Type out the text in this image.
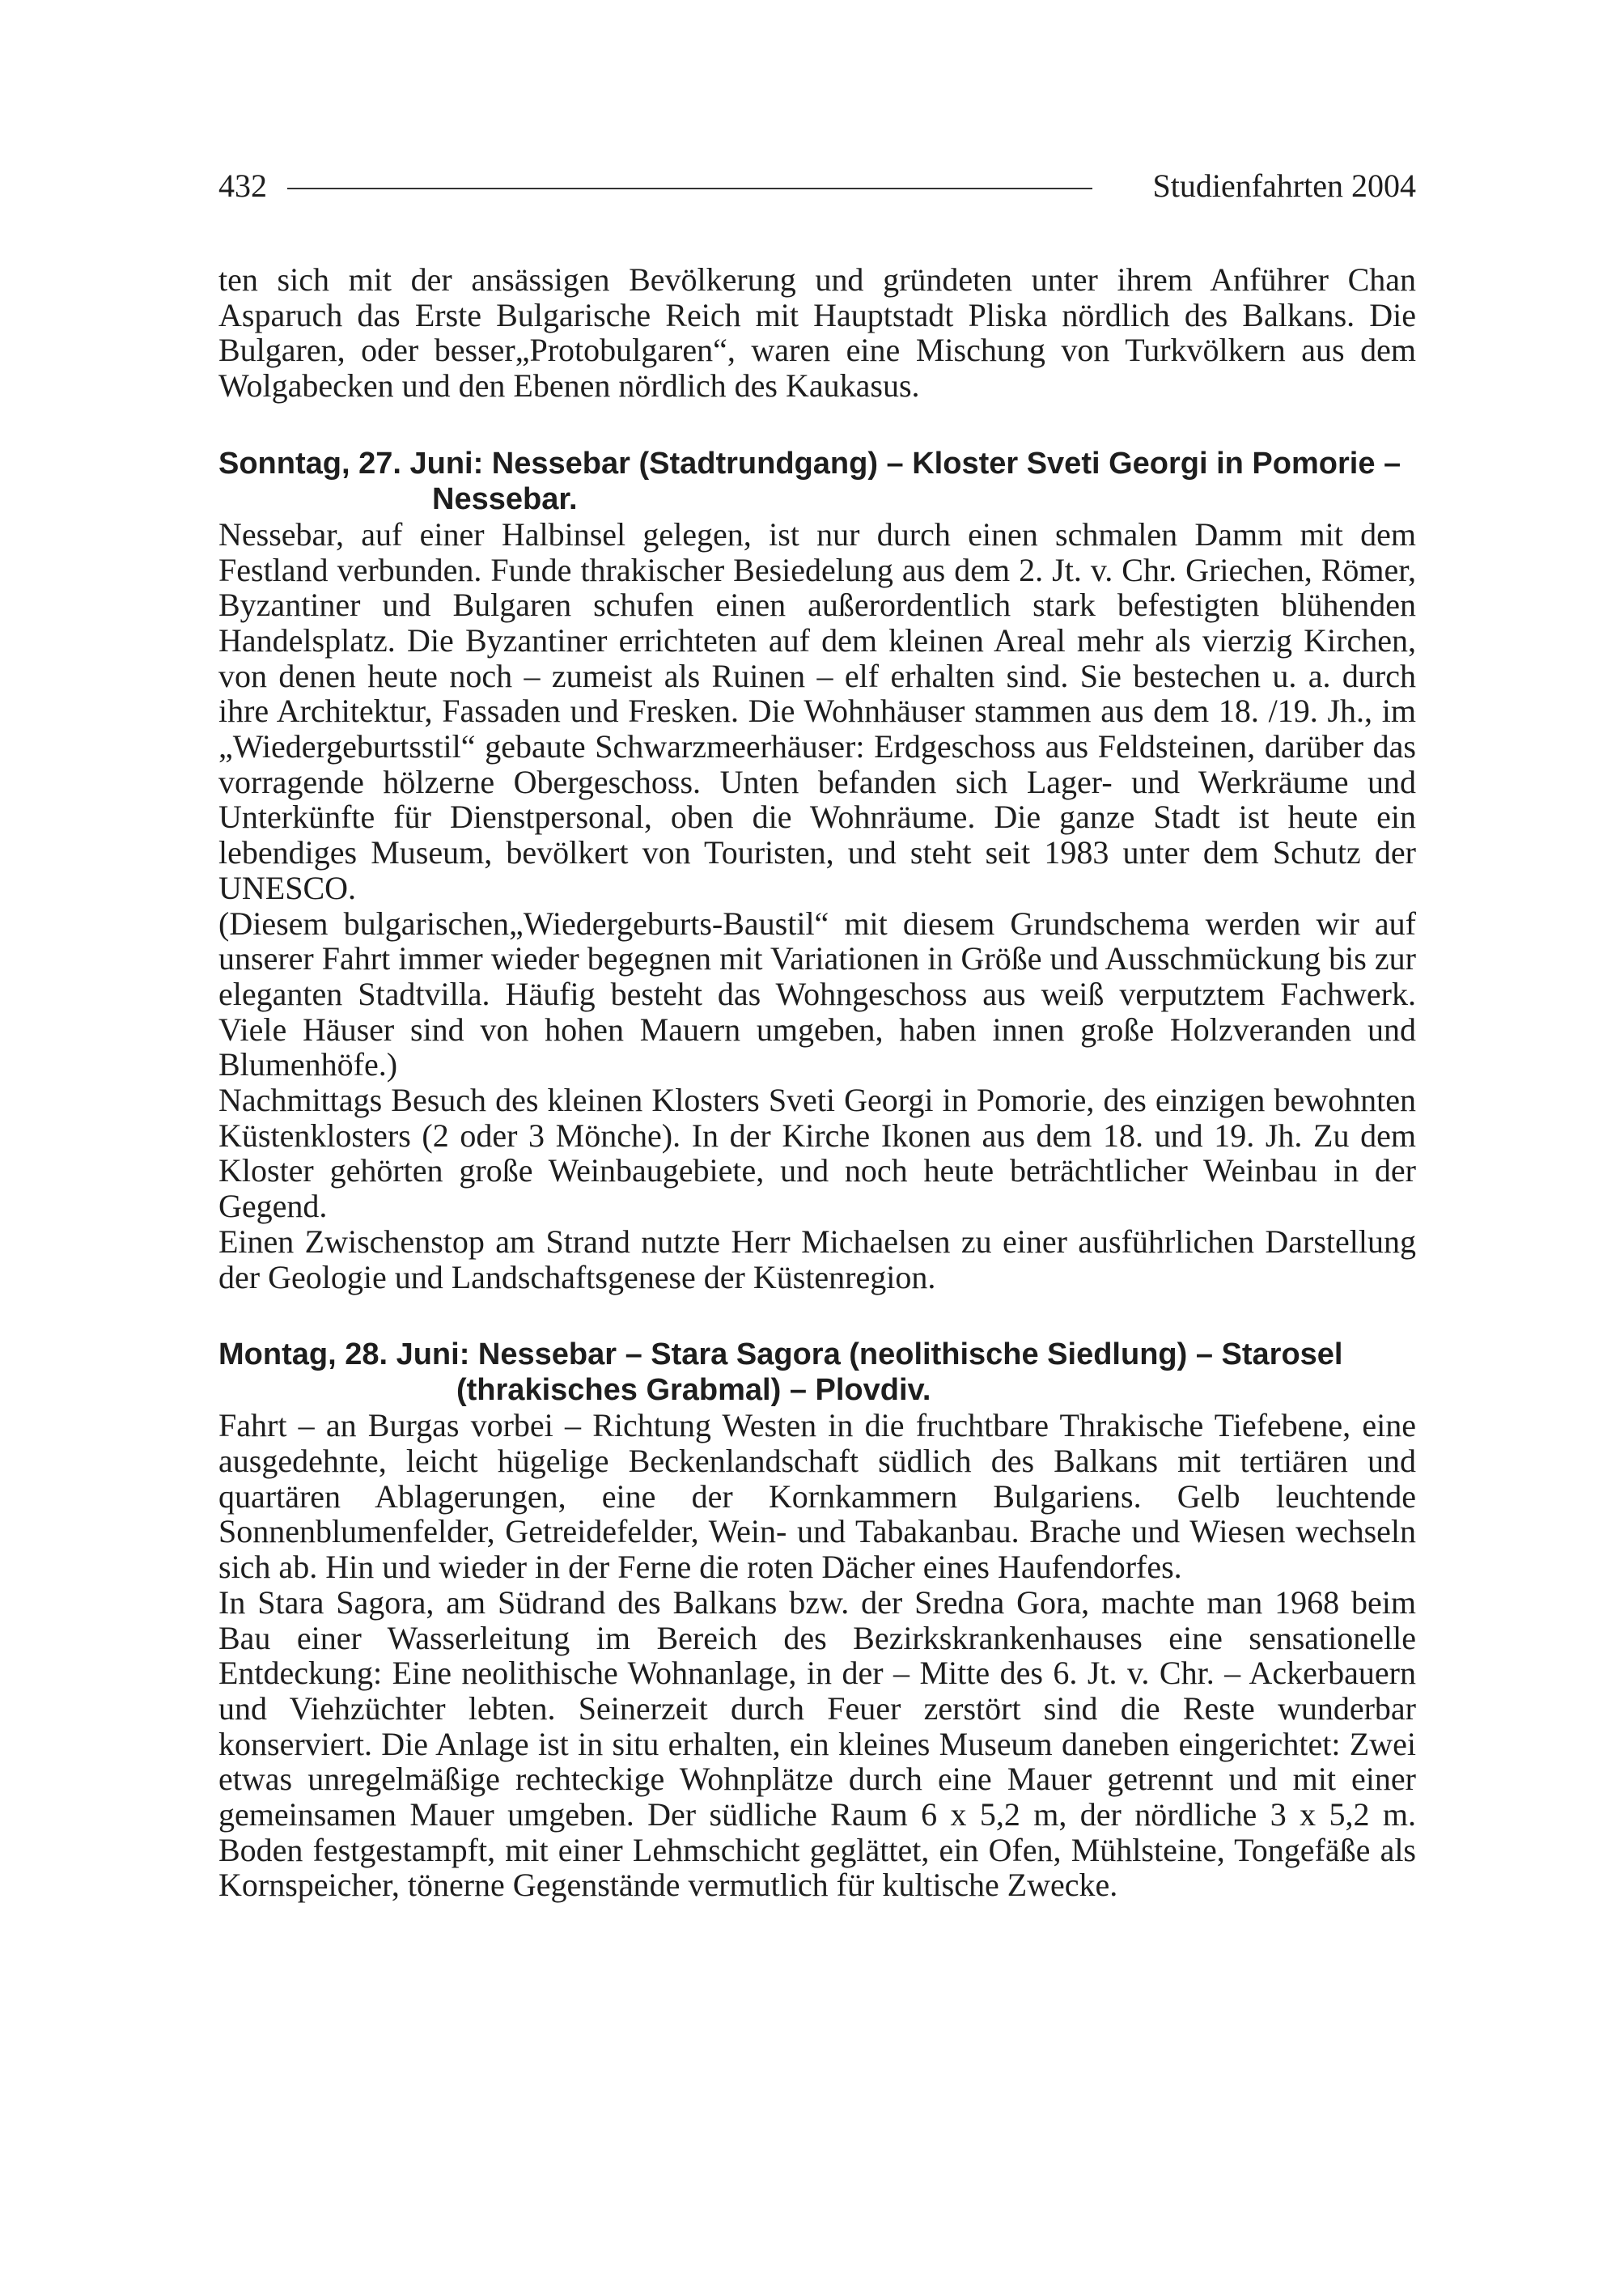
432	Studienfahrten 2004

ten sich mit der ansässigen Bevölkerung und gründeten unter ihrem Anführer Chan Asparuch das Erste Bulgarische Reich mit Hauptstadt Pliska nördlich des Balkans. Die Bulgaren, oder besser„Protobulgaren“, waren eine Mischung von Turkvölkern aus dem Wolgabecken und den Ebenen nördlich des Kaukasus.

Sonntag, 27. Juni: Nessebar (Stadtrundgang) – Kloster Sveti Georgi in Pomorie –
Nessebar.

Nessebar, auf einer Halbinsel gelegen, ist nur durch einen schmalen Damm mit dem Festland verbunden. Funde thrakischer Besiedelung aus dem 2. Jt. v. Chr. Griechen, Römer, Byzantiner und Bulgaren schufen einen außerordentlich stark befestigten blühenden Handelsplatz. Die Byzantiner errichteten auf dem kleinen Areal mehr als vierzig Kirchen, von denen heute noch – zumeist als Ruinen – elf erhalten sind. Sie bestechen u. a. durch ihre Architektur, Fassaden und Fresken. Die Wohnhäuser stammen aus dem 18. /19. Jh., im „Wiedergeburtsstil“ gebaute Schwarzmeerhäuser: Erdgeschoss aus Feldsteinen, darüber das vorragende hölzerne Obergeschoss. Unten befanden sich Lager- und Werkräume und Unterkünfte für Dienstpersonal, oben die Wohnräume. Die ganze Stadt ist heute ein lebendiges Museum, bevölkert von Touristen, und steht seit 1983 unter dem Schutz der UNESCO.

(Diesem bulgarischen„Wiedergeburts-Baustil“ mit diesem Grundschema werden wir auf unserer Fahrt immer wieder begegnen mit Variationen in Größe und Ausschmückung bis zur eleganten Stadtvilla. Häufig besteht das Wohngeschoss aus weiß verputztem Fachwerk. Viele Häuser sind von hohen Mauern umgeben, haben innen große Holzveranden und Blumenhöfe.)

Nachmittags Besuch des kleinen Klosters Sveti Georgi in Pomorie, des einzigen bewohnten Küstenklosters (2 oder 3 Mönche). In der Kirche Ikonen aus dem 18. und 19. Jh. Zu dem Kloster gehörten große Weinbaugebiete, und noch heute beträchtlicher Weinbau in der Gegend.

Einen Zwischenstop am Strand nutzte Herr Michaelsen zu einer ausführlichen Darstellung der Geologie und Landschaftsgenese der Küstenregion.

Montag, 28. Juni: Nessebar – Stara Sagora (neolithische Siedlung) – Starosel
(thrakisches Grabmal) – Plovdiv.

Fahrt – an Burgas vorbei – Richtung Westen in die fruchtbare Thrakische Tiefebene, eine ausgedehnte, leicht hügelige Beckenlandschaft südlich des Balkans mit tertiären und quartären Ablagerungen, eine der Kornkammern Bulgariens. Gelb leuchtende Sonnenblumenfelder, Getreidefelder, Wein- und Tabakanbau. Brache und Wiesen wechseln sich ab. Hin und wieder in der Ferne die roten Dächer eines Haufendorfes.

In Stara Sagora, am Südrand des Balkans bzw. der Sredna Gora, machte man 1968 beim Bau einer Wasserleitung im Bereich des Bezirkskrankenhauses eine sensationelle Entdeckung: Eine neolithische Wohnanlage, in der – Mitte des 6. Jt. v. Chr. – Ackerbauern und Viehzüchter lebten. Seinerzeit durch Feuer zerstört sind die Reste wunderbar konserviert. Die Anlage ist in situ erhalten, ein kleines Museum daneben eingerichtet: Zwei etwas unregelmäßige rechteckige Wohnplätze durch eine Mauer getrennt und mit einer gemeinsamen Mauer umgeben. Der südliche Raum 6 x 5,2 m, der nördliche 3 x 5,2 m. Boden festgestampft, mit einer Lehmschicht geglättet, ein Ofen, Mühlsteine, Tongefäße als Kornspeicher, tönerne Gegenstände vermutlich für kultische Zwecke.
